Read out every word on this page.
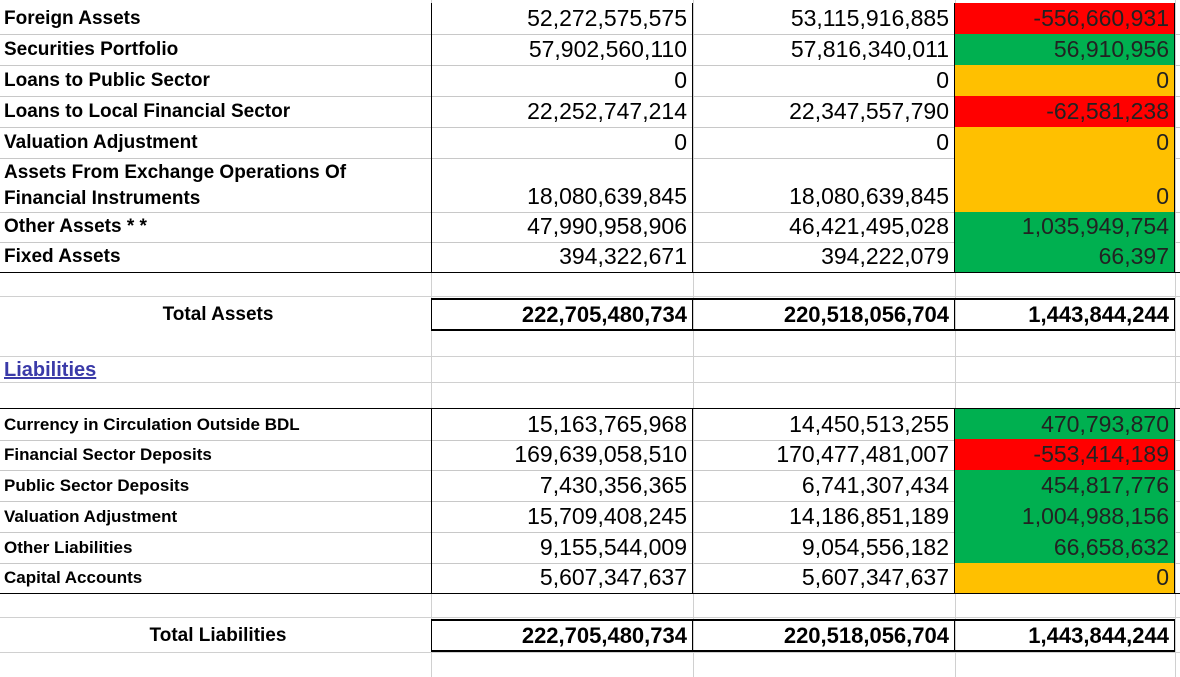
Foreign Assets	52,272,575,575	53,115,916,885	-556,660,931
Securities Portfolio	57,902,560,110	57,816,340,011	56,910,956
Loans to Public Sector	0	0	0
Loans to Local Financial Sector	22,252,747,214	22,347,557,790	-62,581,238
Valuation Adjustment	0	0	0
Assets From Exchange Operations Of
Financial Instruments	18,080,639,845	18,080,639,845	0
Other Assets * *	47,990,958,906	46,421,495,028	1,035,949,754
Fixed Assets	394,322,671	394,222,079	66,397
Total Assets	222,705,480,734	220,518,056,704	1,443,844,244
Liabilities
Currency in Circulation Outside BDL	15,163,765,968	14,450,513,255	470,793,870
Financial Sector Deposits	169,639,058,510	170,477,481,007	-553,414,189
Public Sector Deposits	7,430,356,365	6,741,307,434	454,817,776
Valuation Adjustment	15,709,408,245	14,186,851,189	1,004,988,156
Other Liabilities	9,155,544,009	9,054,556,182	66,658,632
Capital Accounts	5,607,347,637	5,607,347,637	0
Total Liabilities	222,705,480,734	220,518,056,704	1,443,844,244
